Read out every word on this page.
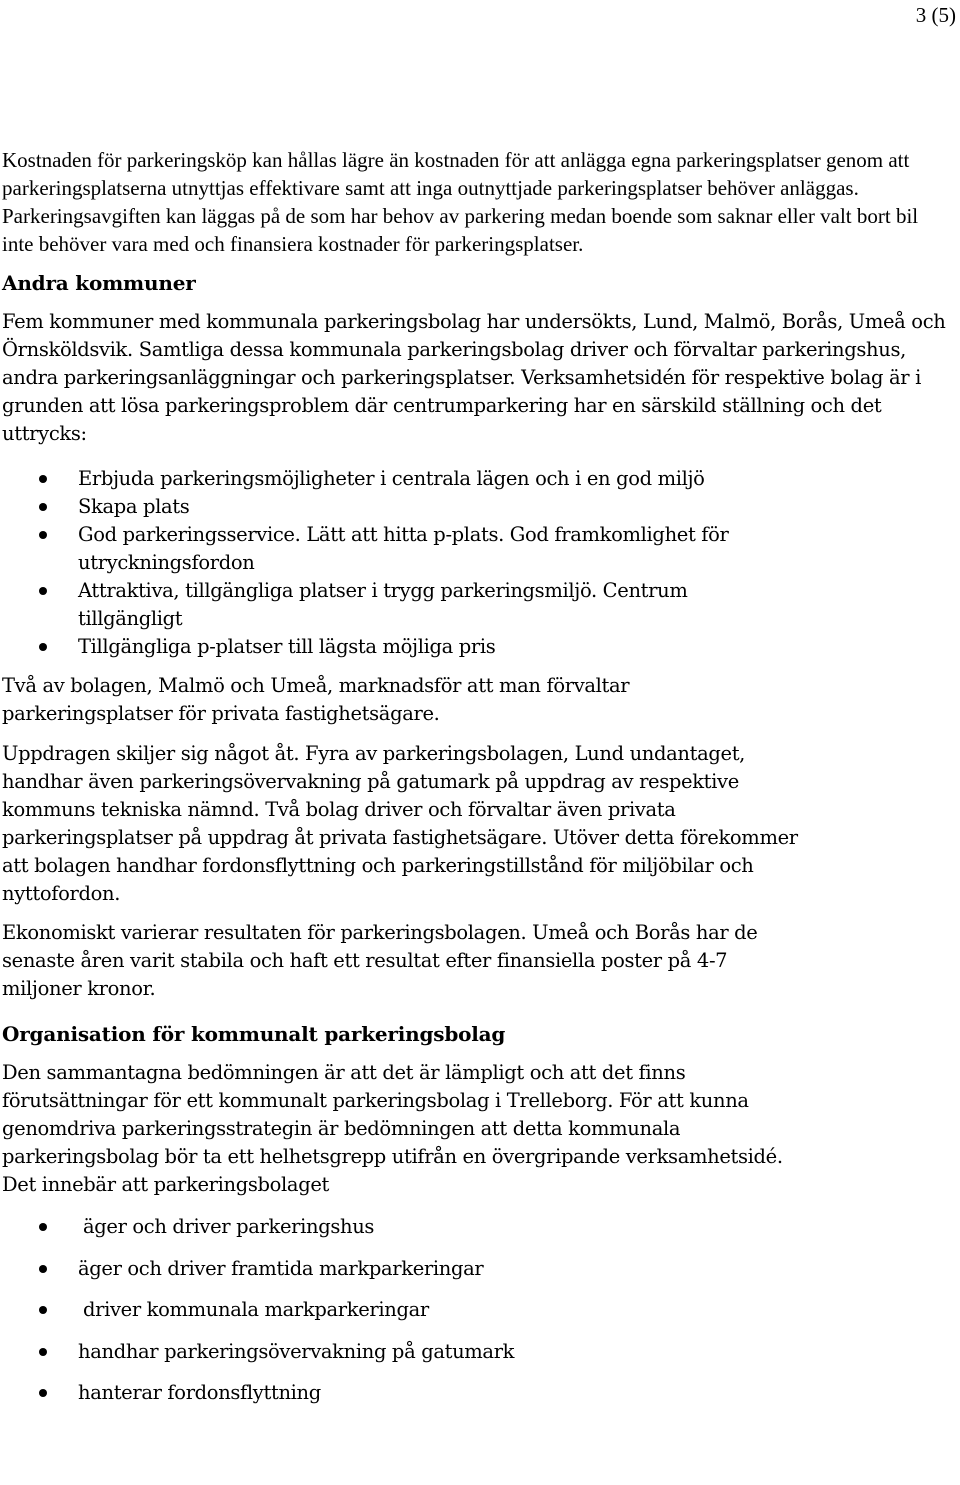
3 (5)

Kostnaden för parkeringsköp kan hållas lägre än kostnaden för att anlägga egna parkeringsplatser genom att parkeringsplatserna utnyttjas effektivare samt att inga outnyttjade parkeringsplatser behöver anläggas. Parkeringsavgiften kan läggas på de som har behov av parkering medan boende som saknar eller valt bort bil inte behöver vara med och finansiera kostnader för parkeringsplatser.

Andra kommuner

Fem kommuner med kommunala parkeringsbolag har undersökts, Lund, Malmö, Borås, Umeå och Örnsköldsvik. Samtliga dessa kommunala parkeringsbolag driver och förvaltar parkeringshus, andra parkeringsanläggningar och parkeringsplatser. Verksamhetsidén för respektive bolag är i grunden att lösa parkeringsproblem där centrumparkering har en särskild ställning och det uttrycks:

Erbjuda parkeringsmöjligheter i centrala lägen och i en god miljö
Skapa plats
God parkeringsservice. Lätt att hitta p-plats. God framkomlighet för utryckningsfordon
Attraktiva, tillgängliga platser i trygg parkeringsmiljö. Centrum tillgängligt
Tillgängliga p-platser till lägsta möjliga pris

Två av bolagen, Malmö och Umeå, marknadsför att man förvaltar parkeringsplatser för privata fastighetsägare.

Uppdragen skiljer sig något åt. Fyra av parkeringsbolagen, Lund undantaget, handhar även parkeringsövervakning på gatumark på uppdrag av respektive kommuns tekniska nämnd. Två bolag driver och förvaltar även privata parkeringsplatser på uppdrag åt privata fastighetsägare. Utöver detta förekommer att bolagen handhar fordonsflyttning och parkeringstillstånd för miljöbilar och nyttofordon.

Ekonomiskt varierar resultaten för parkeringsbolagen. Umeå och Borås har de senaste åren varit stabila och haft ett resultat efter finansiella poster på 4-7 miljoner kronor.

Organisation för kommunalt parkeringsbolag

Den sammantagna bedömningen är att det är lämpligt och att det finns förutsättningar för ett kommunalt parkeringsbolag i Trelleborg. För att kunna genomdriva parkeringsstrategin är bedömningen att detta kommunala parkeringsbolag bör ta ett helhetsgrepp utifrån en övergripande verksamhetsidé. Det innebär att parkeringsbolaget

äger och driver parkeringshus
äger och driver framtida markparkeringar
driver kommunala markparkeringar
handhar parkeringsövervakning på gatumark
hanterar fordonsflyttning
